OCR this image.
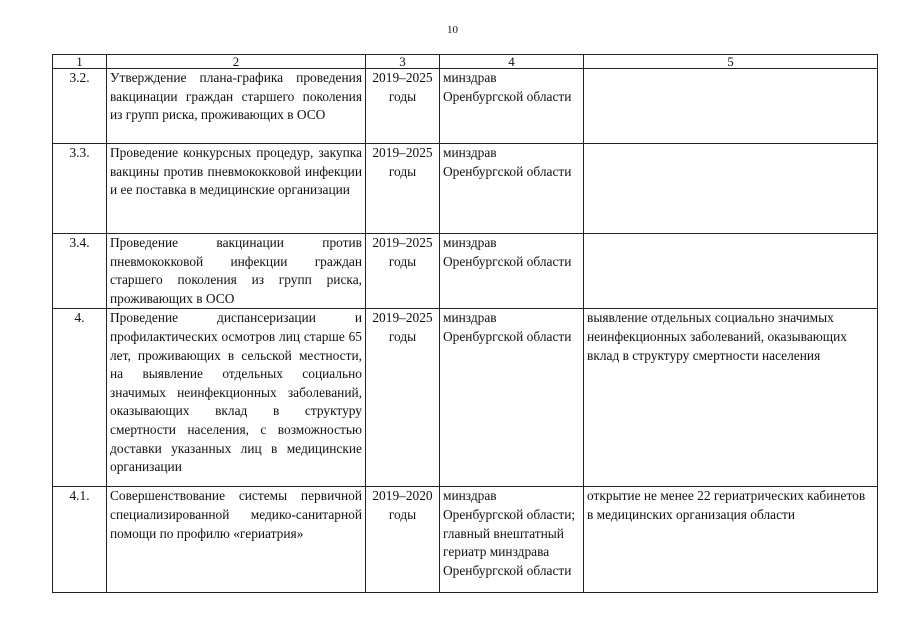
10
1	2	3	4	5
3.2.	Утверждение плана-графика проведения вакцинации граждан старшего поколения из групп риска, проживающих в ОСО	2019–2025 годы	минздрав Оренбургской области	
3.3.	Проведение конкурсных процедур, закупка вакцины против пневмококковой инфекции и ее поставка в медицинские организации	2019–2025 годы	минздрав Оренбургской области	
3.4.	Проведение вакцинации против пневмококковой инфекции граждан старшего поколения из групп риска, проживающих в ОСО	2019–2025 годы	минздрав Оренбургской области	
4.	Проведение диспансеризации и профилактических осмотров лиц старше 65 лет, проживающих в сельской местности, на выявление отдельных социально значимых неинфекционных заболеваний, оказывающих вклад в структуру смертности населения, с возможностью доставки указанных лиц в медицинские организации	2019–2025 годы	минздрав Оренбургской области	выявление отдельных социально значимых неинфекционных заболеваний, оказывающих вклад в структуру смертности населения
4.1.	Совершенствование системы первичной специализированной медико-санитарной помощи по профилю «гериатрия»	2019–2020 годы	минздрав Оренбургской области; главный внештатный гериатр минздрава Оренбургской области	открытие не менее 22 гериатрических кабинетов в медицинских организация области
